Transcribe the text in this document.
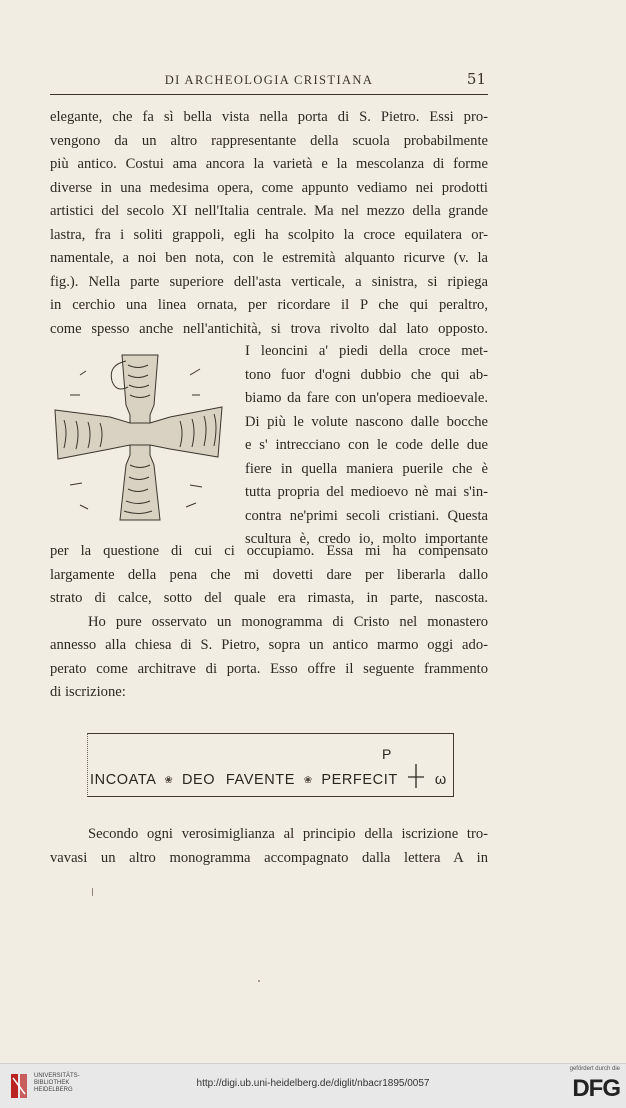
DI ARCHEOLOGIA CRISTIANA	51
elegante, che fa sì bella vista nella porta di S. Pietro. Essi pro-
vengono da un altro rappresentante della scuola probabilmente
più antico. Costui ama ancora la varietà e la mescolanza di forme
diverse in una medesima opera, come appunto vediamo nei prodotti
artistici del secolo XI nell'Italia centrale. Ma nel mezzo della grande
lastra, fra i soliti grappoli, egli ha scolpito la croce equilatera or-
namentale, a noi ben nota, con le estremità alquanto ricurve (v. la
fig.). Nella parte superiore dell'asta verticale, a sinistra, si ripiega
in cerchio una linea ornata, per ricordare il P che qui peraltro,
come spesso anche nell'antichità, si trova rivolto dal lato opposto.
I leoncini a' piedi della croce met-
tono fuor d'ogni dubbio che qui ab-
biamo da fare con un'opera medioevale.
Di più le volute nascono dalle bocche
e s' intrecciano con le code delle due
fiere in quella maniera puerile che è
tutta propria del medioevo nè mai s'in-
contra ne'primi secoli cristiani. Questa
scultura è, credo io, molto importante
per la questione di cui ci occupiamo. Essa mi ha compensato
largamente della pena che mi dovetti dare per liberarla dallo
strato di calce, sotto del quale era rimasta, in parte, nascosta.
Ho pure osservato un monogramma di Cristo nel monastero
annesso alla chiesa di S. Pietro, sopra un antico marmo oggi ado-
perato come architrave di porta. Esso offre il seguente frammento
di iscrizione:
INCOATA ❀ DEO FAVENTE ❀ PERFECIT
P
ω
Secondo ogni verosimiglianza al principio della iscrizione tro-
vavasi un altro monogramma accompagnato dalla lettera A in
UNIVERSITÄTS-
BIBLIOTHEK
HEIDELBERG
http://digi.ub.uni-heidelberg.de/diglit/nbacr1895/0057
gefördert durch die
DFG
